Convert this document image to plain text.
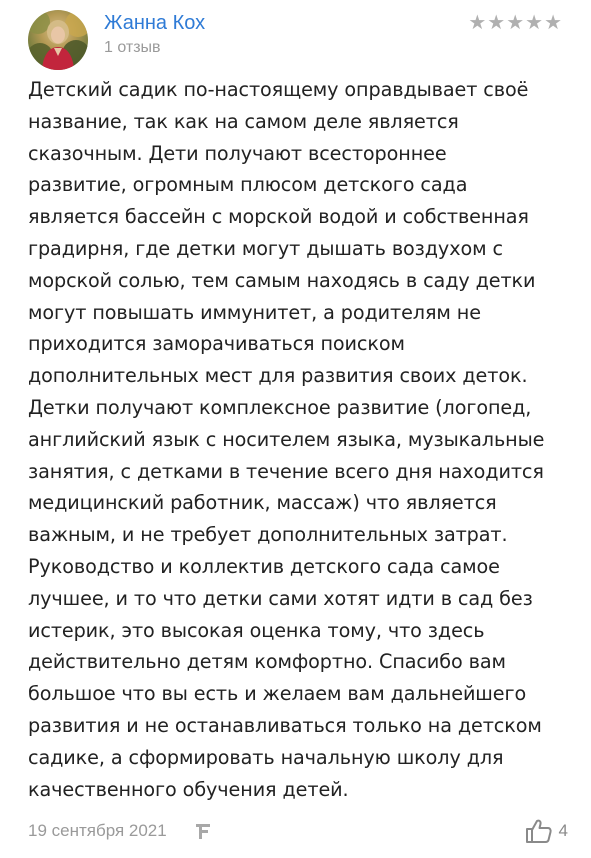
Жанна Кох
1 отзыв
★ ★ ★ ★ ★
Детский садик по-настоящему оправдывает своё
название, так как на самом деле является
сказочным. Дети получают всестороннее
развитие, огромным плюсом детского сада
является бассейн с морской водой и собственная
градирня, где детки могут дышать воздухом с
морской солью, тем самым находясь в саду детки
могут повышать иммунитет, а родителям не
приходится заморачиваться поиском
дополнительных мест для развития своих деток.
Детки получают комплексное развитие (логопед,
английский язык с носителем языка, музыкальные
занятия, с детками в течение всего дня находится
медицинский работник, массаж) что является
важным, и не требует дополнительных затрат.
Руководство и коллектив детского сада самое
лучшее, и то что детки сами хотят идти в сад без
истерик, это высокая оценка тому, что здесь
действительно детям комфортно. Спасибо вам
большое что вы есть и желаем вам дальнейшего
развития и не останавливаться только на детском
садике, а сформировать начальную школу для
качественного обучения детей.
19 сентября 2021	4
